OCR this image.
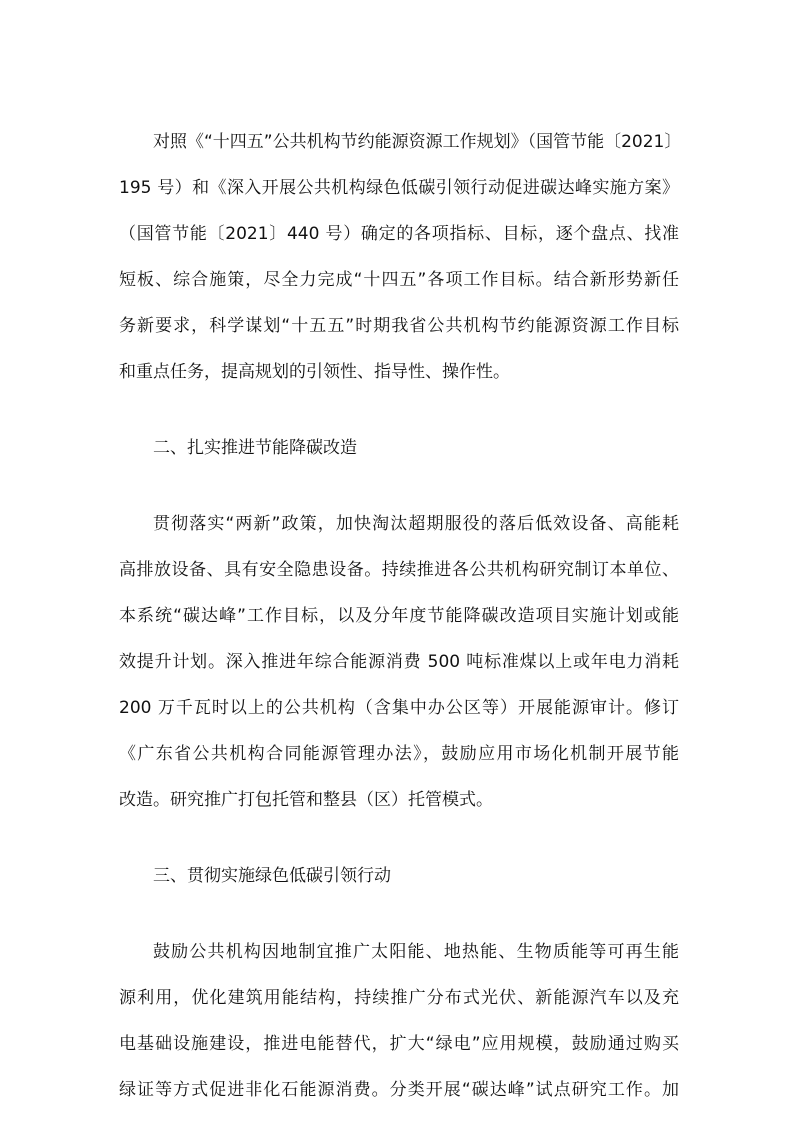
对照《“十四五”公共机构节约能源资源工作规划》（国管节能〔2021〕
195 号）和《深入开展公共机构绿色低碳引领行动促进碳达峰实施方案》
（国管节能〔2021〕440 号）确定的各项指标、目标，逐个盘点、找准
短板、综合施策，尽全力完成“十四五”各项工作目标。结合新形势新任
务新要求，科学谋划“十五五”时期我省公共机构节约能源资源工作目标
和重点任务，提高规划的引领性、指导性、操作性。
二、扎实推进节能降碳改造
贯彻落实“两新”政策，加快淘汰超期服役的落后低效设备、高能耗
高排放设备、具有安全隐患设备。持续推进各公共机构研究制订本单位、
本系统“碳达峰”工作目标，以及分年度节能降碳改造项目实施计划或能
效提升计划。深入推进年综合能源消费 500 吨标准煤以上或年电力消耗
200 万千瓦时以上的公共机构（含集中办公区等）开展能源审计。修订
《广东省公共机构合同能源管理办法》，鼓励应用市场化机制开展节能
改造。研究推广打包托管和整县（区）托管模式。
三、贯彻实施绿色低碳引领行动
鼓励公共机构因地制宜推广太阳能、地热能、生物质能等可再生能
源利用，优化建筑用能结构，持续推广分布式光伏、新能源汽车以及充
电基础设施建设，推进电能替代，扩大“绿电”应用规模，鼓励通过购买
绿证等方式促进非化石能源消费。分类开展“碳达峰”试点研究工作。加
